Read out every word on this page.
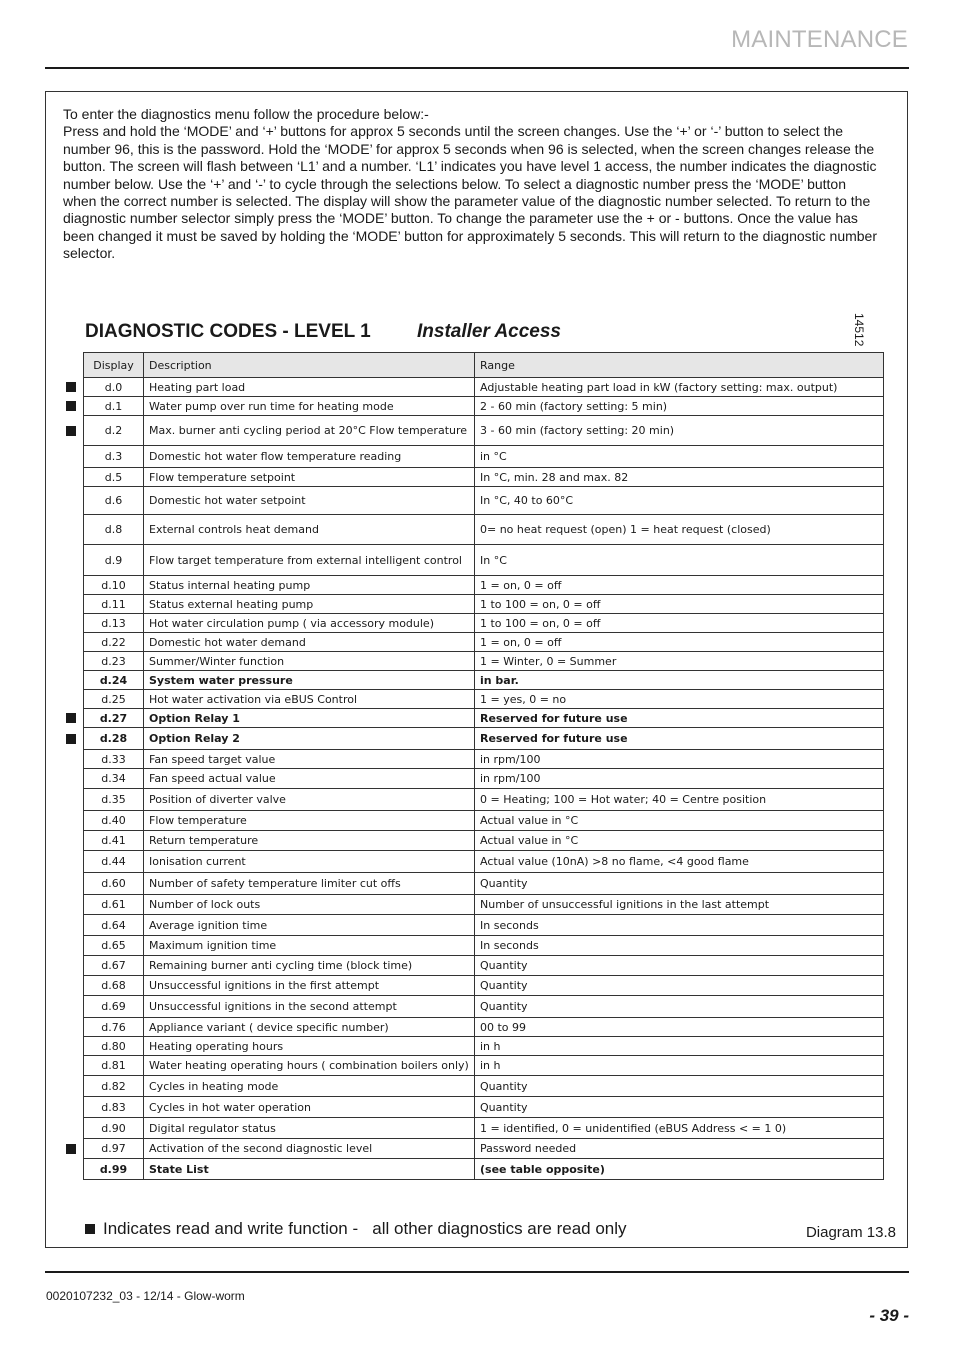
MAINTENANCE

To enter the diagnostics menu follow the procedure below:-

Press and hold the ‘MODE’ and ‘+’ buttons for approx 5 seconds until the screen changes. Use the ‘+’ or ‘-’ button to select the number 96, this is the password. Hold the ‘MODE’ for approx 5 seconds when 96 is selected, when the screen changes release the button. The screen will flash between ‘L1’ and a number. ‘L1’ indicates you have level 1 access, the number indicates the diagnostic number below. Use the ‘+’ and ‘-’ to cycle through the selections below. To select a diagnostic number press the ‘MODE’ button when the correct number is selected. The display will show the parameter value of the diagnostic number selected. To return to the diagnostic number selector simply press the ‘MODE’ button. To change the parameter use the + or - buttons. Once the value has been changed it must be saved by holding the ‘MODE’ button for approximately 5 seconds. This will return to the diagnostic number selector.

DIAGNOSTIC CODES - LEVEL 1 Installer Access	14512
Display	Description	Range
d.0	Heating part load	Adjustable heating part load in kW (factory setting: max. output)
d.1	Water pump over run time for heating mode	2 - 60 min (factory setting: 5 min)
d.2	Max. burner anti cycling period at 20°C Flow temperature	3 - 60 min (factory setting: 20 min)
d.3	Domestic hot water flow temperature reading	in °C
d.5	Flow temperature setpoint	In °C, min. 28 and max. 82
d.6	Domestic hot water setpoint	In °C, 40 to 60°C
d.8	External controls heat demand	0= no heat request (open) 1 = heat request (closed)
d.9	Flow target temperature from external intelligent control	In °C
d.10	Status internal heating pump	1 = on, 0 = off
d.11	Status external heating pump	1 to 100 = on, 0 = off
d.13	Hot water circulation pump ( via accessory module)	1 to 100 = on, 0 = off
d.22	Domestic hot water demand	1 = on, 0 = off
d.23	Summer/Winter function	1 = Winter, 0 = Summer
d.24	System water pressure	in bar.
d.25	Hot water activation via eBUS Control	1 = yes, 0 = no
d.27	Option Relay 1	Reserved for future use
d.28	Option Relay 2	Reserved for future use
d.33	Fan speed target value	in rpm/100
d.34	Fan speed actual value	in rpm/100
d.35	Position of diverter valve	0 = Heating; 100 = Hot water; 40 = Centre position
d.40	Flow temperature	Actual value in °C
d.41	Return temperature	Actual value in °C
d.44	Ionisation current	Actual value (10nA) >8 no flame, <4 good flame
d.60	Number of safety temperature limiter cut offs	Quantity
d.61	Number of lock outs	Number of unsuccessful ignitions in the last attempt
d.64	Average ignition time	In seconds
d.65	Maximum ignition time	In seconds
d.67	Remaining burner anti cycling time (block time)	Quantity
d.68	Unsuccessful ignitions in the first attempt	Quantity
d.69	Unsuccessful ignitions in the second attempt	Quantity
d.76	Appliance variant ( device specific number)	00 to 99
d.80	Heating operating hours	in h
d.81	Water heating operating hours ( combination boilers only)	in h
d.82	Cycles in heating mode	Quantity
d.83	Cycles in hot water operation	Quantity
d.90	Digital regulator status	1 = identified, 0 = unidentified (eBUS Address < = 1 0)
d.97	Activation of the second diagnostic level	Password needed
d.99	State List	(see table opposite)
Indicates read and write function -   all other diagnostics are read only	Diagram 13.8
0020107232_03 - 12/14 - Glow-worm
- 39 -
